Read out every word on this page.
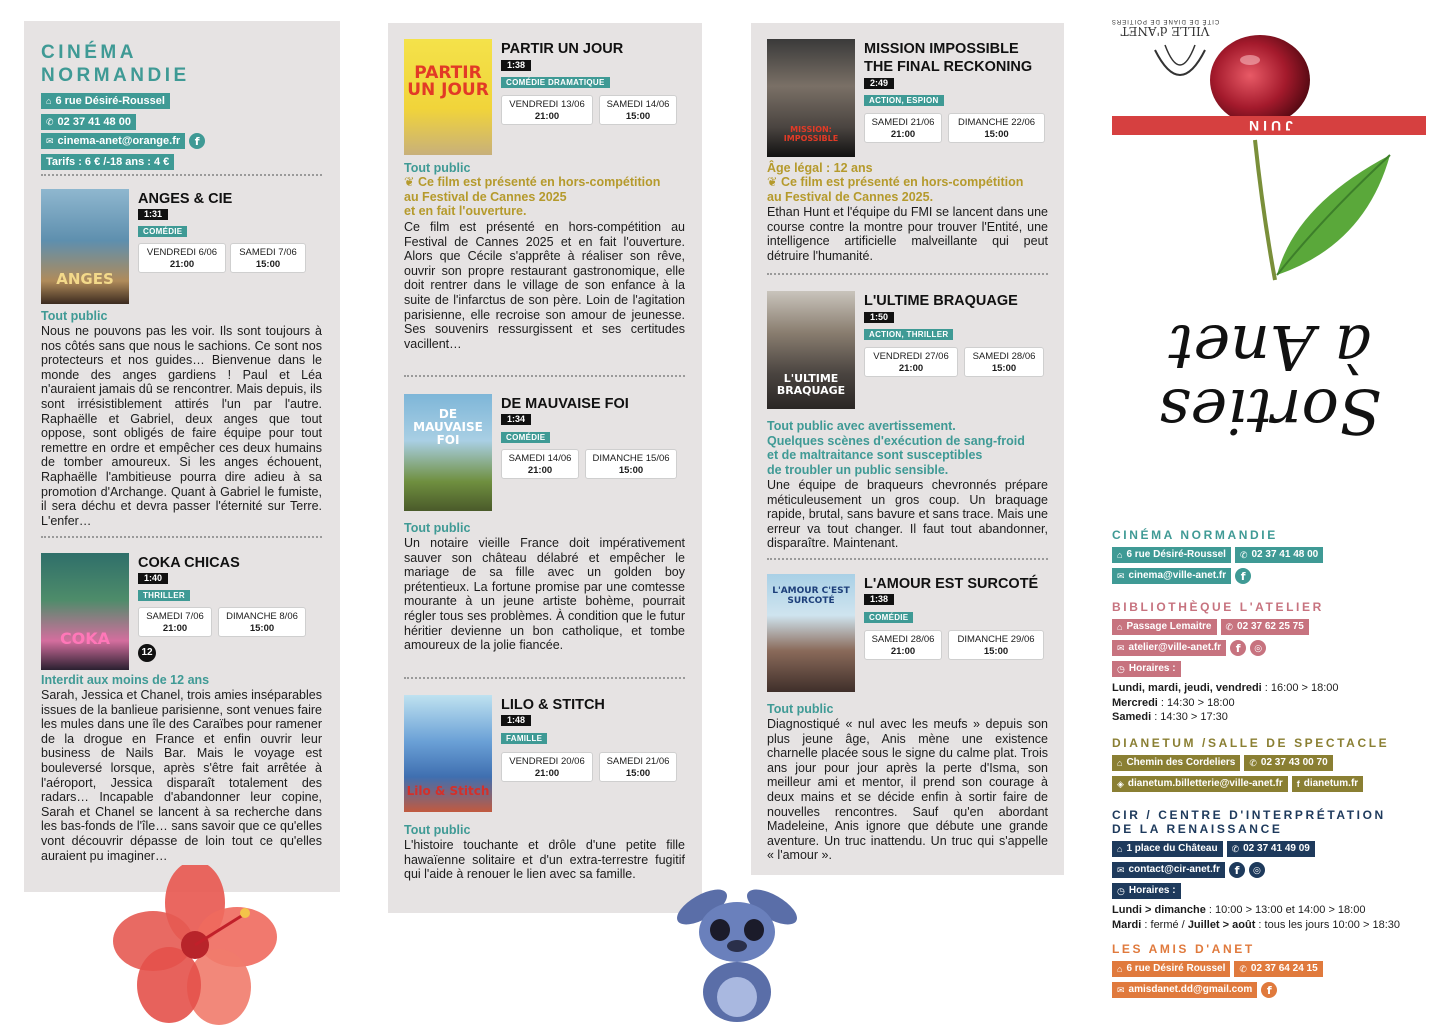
CINÉMA
NORMANDIE
⌂ 6 rue Désiré-Roussel
✆ 02 37 41 48 00
✉ cinema-anet@orange.fr	f
Tarifs : 6 € /-18 ans : 4 €
ANGES
ANGES & CIE
1:31
COMÉDIE
VENDREDI 6/06
21:00
SAMEDI 7/06
15:00
Tout public
Nous ne pouvons pas les voir. Ils sont toujours à nos côtés sans que nous le sachions. Ce sont nos protecteurs et nos guides… Bienvenue dans le monde des anges gardiens ! Paul et Léa n'auraient jamais dû se rencontrer. Mais depuis, ils sont irrésistiblement attirés l'un par l'autre. Raphaëlle et Gabriel, deux anges que tout oppose, sont obligés de faire équipe pour tout remettre en ordre et empêcher ces deux humains de tomber amoureux. Si les anges échouent, Raphaëlle l'ambitieuse pourra dire adieu à sa promotion d'Archange. Quant à Gabriel le fumiste, il sera déchu et devra passer l'éternité sur Terre. L'enfer…
COKA
COKA CHICAS
1:40
THRILLER
SAMEDI 7/06
21:00
DIMANCHE 8/06
15:00
12
Interdit aux moins de 12 ans
Sarah, Jessica et Chanel, trois amies inséparables issues de la banlieue parisienne, sont venues faire les mules dans une île des Caraïbes pour ramener de la drogue en France et enfin ouvrir leur business de Nails Bar. Mais le voyage est bouleversé lorsque, après s'être fait arrêtée à l'aéroport, Jessica disparaît totalement des radars… Incapable d'abandonner leur copine, Sarah et Chanel se lancent à sa recherche dans les bas-fonds de l'île… sans savoir que ce qu'elles vont découvrir dépasse de loin tout ce qu'elles auraient pu imaginer…
PARTIR UN JOUR
PARTIR UN JOUR
1:38
COMÉDIE DRAMATIQUE
VENDREDI 13/06
21:00
SAMEDI 14/06
15:00
Tout public
❦ Ce film est présenté en hors-compétition
au Festival de Cannes 2025
et en fait l'ouverture.
Ce film est présenté en hors-compétition au Festival de Cannes 2025 et en fait l'ouverture. Alors que Cécile s'apprête à réaliser son rêve, ouvrir son propre restaurant gastronomique, elle doit rentrer dans le village de son enfance à la suite de l'infarctus de son père. Loin de l'agitation parisienne, elle recroise son amour de jeunesse. Ses souvenirs ressurgissent et ses certitudes vacillent…
DE MAUVAISE FOI
DE MAUVAISE FOI
1:34
COMÉDIE
SAMEDI 14/06
21:00
DIMANCHE 15/06
15:00
Tout public
Un notaire vieille France doit impérativement sauver son château délabré et empêcher le mariage de sa fille avec un golden boy prétentieux. La fortune promise par une comtesse mourante à un jeune artiste bohème, pourrait régler tous ses problèmes. À condition que le futur héritier devienne un bon catholique, et tombe amoureux de la jolie fiancée.
Lilo & Stitch
LILO & STITCH
1:48
FAMILLE
VENDREDI 20/06
21:00
SAMEDI 21/06
15:00
Tout public
L'histoire touchante et drôle d'une petite fille hawaïenne solitaire et d'un extra-terrestre fugitif qui l'aide à renouer le lien avec sa famille.
MISSION: IMPOSSIBLE
MISSION IMPOSSIBLE
THE FINAL RECKONING
2:49
ACTION, ESPION
SAMEDI 21/06
21:00
DIMANCHE 22/06
15:00
Âge légal : 12 ans
❦ Ce film est présenté en hors-compétition
au Festival de Cannes 2025.
Ethan Hunt et l'équipe du FMI se lancent dans une course contre la montre pour trouver l'Entité, une intelligence artificielle malveillante qui peut détruire l'humanité.
L'ULTIME BRAQUAGE
L'ULTIME BRAQUAGE
1:50
ACTION, THRILLER
VENDREDI 27/06
21:00
SAMEDI 28/06
15:00
Tout public avec avertissement.
Quelques scènes d'exécution de sang-froid
et de maltraitance sont susceptibles
de troubler un public sensible.
Une équipe de braqueurs chevronnés prépare méticuleusement un gros coup. Un braquage rapide, brutal, sans bavure et sans trace. Mais une erreur va tout changer. Il faut tout abandonner, disparaître. Maintenant.
L'AMOUR C'EST SURCOTÉ
L'AMOUR EST SURCOTÉ
1:38
COMÉDIE
SAMEDI 28/06
21:00
DIMANCHE 29/06
15:00
Tout public
Diagnostiqué « nul avec les meufs » depuis son plus jeune âge, Anis mène une existence charnelle placée sous le signe du calme plat. Trois ans jour pour jour après la perte d'Isma, son meilleur ami et mentor, il prend son courage à deux mains et se décide enfin à sortir faire de nouvelles rencontres. Sauf qu'en abordant Madeleine, Anis ignore que débute une grande aventure. Un truc inattendu. Un truc qui s'appelle « l'amour ».
VILLE d'ANET
CITÉ DE DIANE DE POITIERS
JUIN
Sorties
à Anet
CINÉMA NORMANDIE
⌂ 6 rue Désiré-Roussel ✆ 02 37 41 48 00
✉ cinema@ville-anet.fr	f
BIBLIOTHÈQUE L'ATELIER
⌂ Passage Lemaitre ✆ 02 37 62 25 75
✉ atelier@ville-anet.fr	f	◎
◷ Horaires :
Lundi, mardi, jeudi, vendredi : 16:00 > 18:00
Mercredi : 14:30 > 18:00
Samedi : 14:30 > 17:30
DIANETUM /SALLE DE SPECTACLE
⌂ Chemin des Cordeliers ✆ 02 37 43 00 70
◈ dianetum.billetterie@ville-anet.fr f dianetum.fr
CIR / CENTRE D'INTERPRÉTATION
DE LA RENAISSANCE
⌂ 1 place du Château ✆ 02 37 41 49 09
✉ contact@cir-anet.fr	f	◎
◷ Horaires :
Lundi > dimanche : 10:00 > 13:00 et 14:00 > 18:00
Mardi : fermé / Juillet > août : tous les jours 10:00 > 18:30
LES AMIS D'ANET
⌂ 6 rue Désiré Roussel ✆ 02 37 64 24 15
✉ amisdanet.dd@gmail.com	f
